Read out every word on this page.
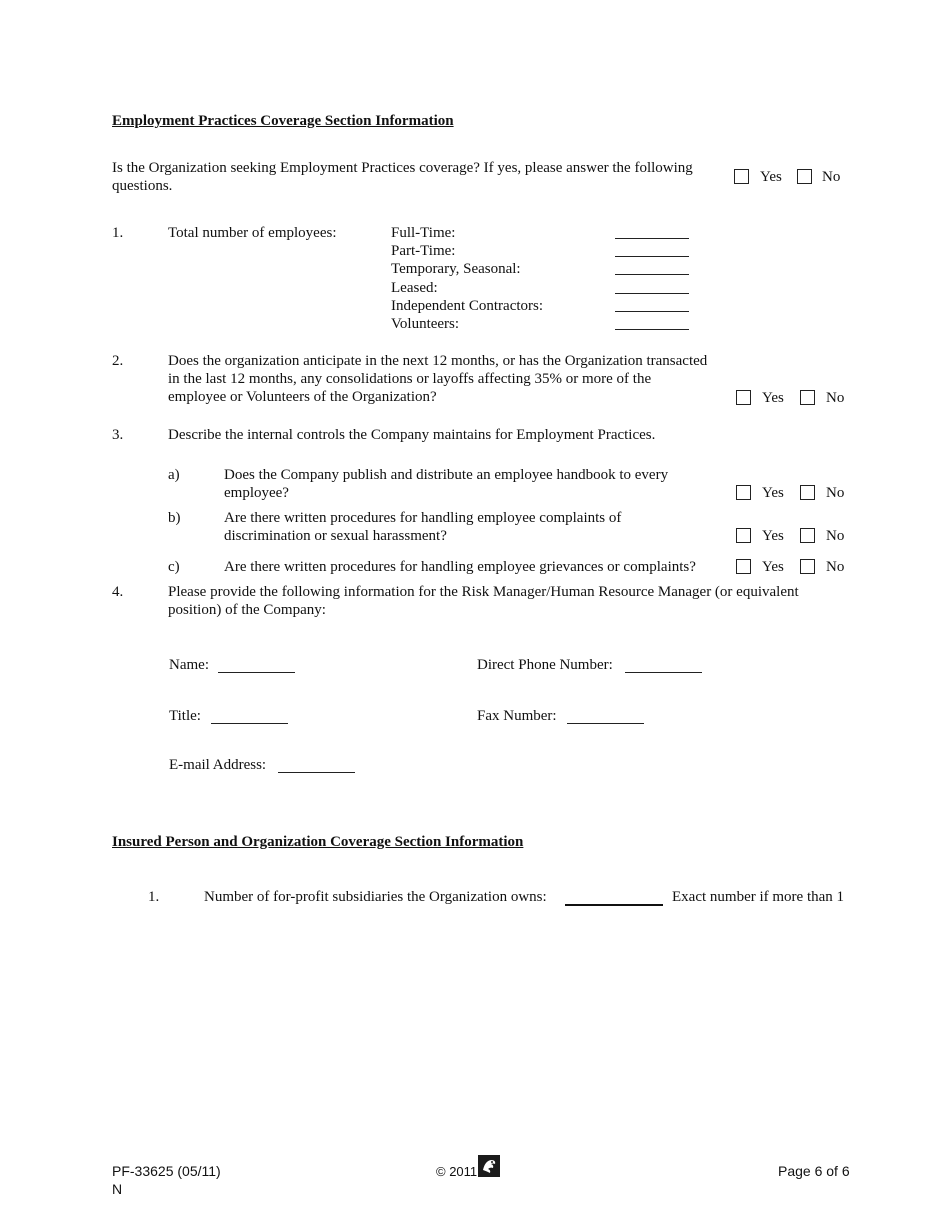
Employment Practices Coverage Section Information
Is the Organization seeking Employment Practices coverage? If yes, please answer the following questions.
Yes	No
1.	Total number of employees:	Full-Time:
Part-Time:
Temporary, Seasonal:
Leased:
Independent Contractors:
Volunteers:
2.	Does the organization anticipate in the next 12 months, or has the Organization transacted in the last 12 months, any consolidations or layoffs affecting 35% or more of the employee or Volunteers of the Organization?	Yes	No
3.	Describe the internal controls the Company maintains for Employment Practices.
a)	Does the Company publish and distribute an employee handbook to every employee?	Yes	No
b)	Are there written procedures for handling employee complaints of discrimination or sexual harassment?	Yes	No
c)	Are there written procedures for handling employee grievances or complaints?	Yes	No
4.	Please provide the following information for the Risk Manager/Human Resource Manager (or equivalent position) of the Company:
Name:	Direct Phone Number:
Title:	Fax Number:
E-mail Address:
Insured Person and Organization Coverage Section Information
1.	Number of for-profit subsidiaries the Organization owns:	Exact number if more than 1
PF-33625 (05/11)
N
© 2011	Page 6 of 6
